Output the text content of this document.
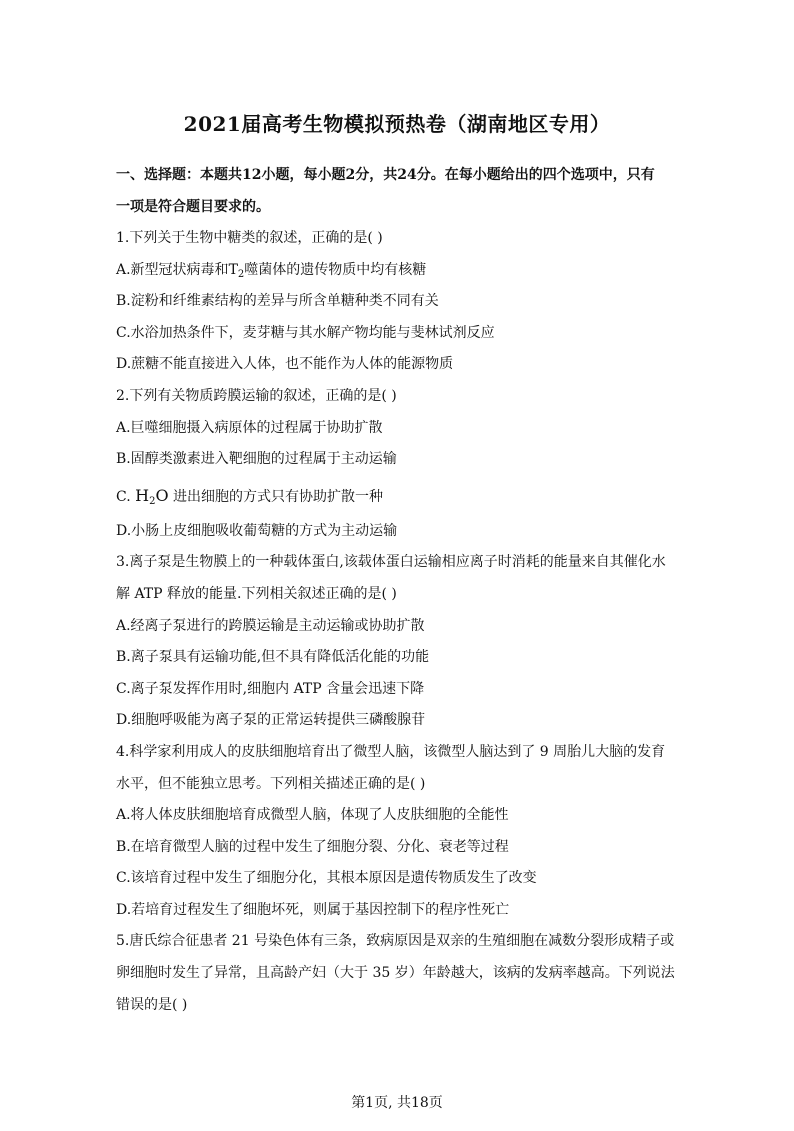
2021届高考生物模拟预热卷（湖南地区专用）
一、选择题：本题共12小题，每小题2分，共24分。在每小题给出的四个选项中，只有
一项是符合题目要求的。
1.下列关于生物中糖类的叙述，正确的是( )
A.新型冠状病毒和$T_2$噬菌体的遗传物质中均有核糖
B.淀粉和纤维素结构的差异与所含单糖种类不同有关
C.水浴加热条件下，麦芽糖与其水解产物均能与斐林试剂反应
D.蔗糖不能直接进入人体，也不能作为人体的能源物质
2.下列有关物质跨膜运输的叙述，正确的是( )
A.巨噬细胞摄入病原体的过程属于协助扩散
B.固醇类激素进入靶细胞的过程属于主动运输
C. $H_2O$ 进出细胞的方式只有协助扩散一种
D.小肠上皮细胞吸收葡萄糖的方式为主动运输
3.离子泵是生物膜上的一种载体蛋白,该载体蛋白运输相应离子时消耗的能量来自其催化水
解 ATP 释放的能量.下列相关叙述正确的是( )
A.经离子泵进行的跨膜运输是主动运输或协助扩散
B.离子泵具有运输功能,但不具有降低活化能的功能
C.离子泵发挥作用时,细胞内 ATP 含量会迅速下降
D.细胞呼吸能为离子泵的正常运转提供三磷酸腺苷
4.科学家利用成人的皮肤细胞培育出了微型人脑，该微型人脑达到了 9 周胎儿大脑的发育
水平，但不能独立思考。下列相关描述正确的是( )
A.将人体皮肤细胞培育成微型人脑，体现了人皮肤细胞的全能性
B.在培育微型人脑的过程中发生了细胞分裂、分化、衰老等过程
C.该培育过程中发生了细胞分化，其根本原因是遗传物质发生了改变
D.若培育过程发生了细胞坏死，则属于基因控制下的程序性死亡
5.唐氏综合征患者 21 号染色体有三条，致病原因是双亲的生殖细胞在减数分裂形成精子或
卵细胞时发生了异常，且高龄产妇（大于 35 岁）年龄越大，该病的发病率越高。下列说法
错误的是( )
第1页, 共18页
